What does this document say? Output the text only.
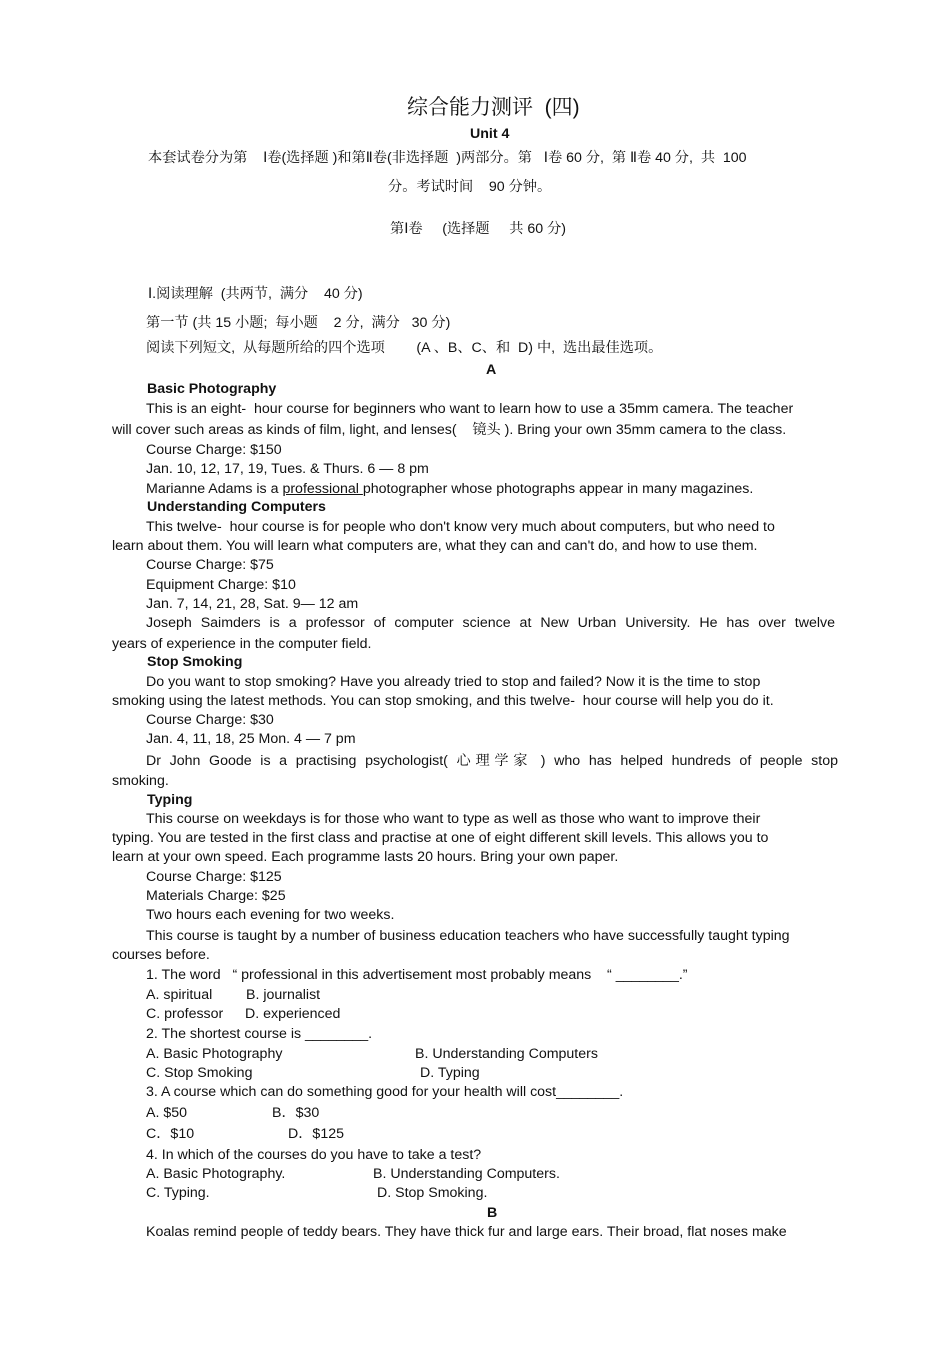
综合能力测评  (四)
Unit 4
本套试卷分为第    Ⅰ卷(选择题 )和第Ⅱ卷(非选择题  )两部分。第   Ⅰ卷 60 分,  第 Ⅱ卷 40 分,  共  100
分。考试时间    90 分钟。
第Ⅰ卷     (选择题     共 60 分)
Ⅰ.阅读理解  (共两节,  满分    40 分)
第一节 (共 15 小题;  每小题    2 分,  满分   30 分)
阅读下列短文,  从每题所给的四个选项        (A 、B、C、和  D) 中,  选出最佳选项。
A
Basic Photography
This is an eight-  hour course for beginners who want to learn how to use a 35mm camera. The teacher
will cover such areas as kinds of film, light, and lenses(    镜头 ). Bring your own 35mm camera to the class.
Course Charge: $150
Jan. 10, 12, 17, 19, Tues. & Thurs. 6 — 8 pm
Marianne Adams is a professional photographer whose photographs appear in many magazines.
Understanding Computers
This twelve-  hour course is for people who don't know very much about computers, but who need to
learn about them. You will learn what computers are, what they can and can't do, and how to use them.
Course Charge: $75
Equipment Charge: $10
Jan. 7, 14, 21, 28, Sat. 9— 12 am
Joseph Saimders is a professor of computer science at New Urban University. He has over twelve
years of experience in the computer field.
Stop Smoking
Do you want to stop smoking? Have you already tried to stop and failed? Now it is the time to stop
smoking using the latest methods. You can stop smoking, and this twelve-  hour course will help you do it.
Course Charge: $30
Jan. 4, 11, 18, 25 Mon. 4 — 7 pm
Dr John Goode is a practising psychologist( 心理学家 ) who has helped hundreds of people stop
smoking.
Typing
This course on weekdays is for those who want to type as well as those who want to improve their
typing. You are tested in the first class and practise at one of eight different skill levels. This allows you to
learn at your own speed. Each programme lasts 20 hours. Bring your own paper.
Course Charge: $125
Materials Charge: $25
Two hours each evening for two weeks.
This course is taught by a number of business education teachers who have successfully taught typing
courses before.
1. The word   “ professional in this advertisement most probably means    “ ________.”
A. spiritual B. journalist
C. professor D. experienced
2. The shortest course is ________.
A. Basic Photography	B. Understanding Computers
C. Stop Smoking	D. Typing
3. A course which can do something good for your health will cost________.
A. $50	B．$30
C．$10	D．$125
4. In which of the courses do you have to take a test?
A. Basic Photography.	B. Understanding Computers.
C. Typing.	D. Stop Smoking.
B
Koalas remind people of teddy bears. They have thick fur and large ears. Their broad, flat noses make
